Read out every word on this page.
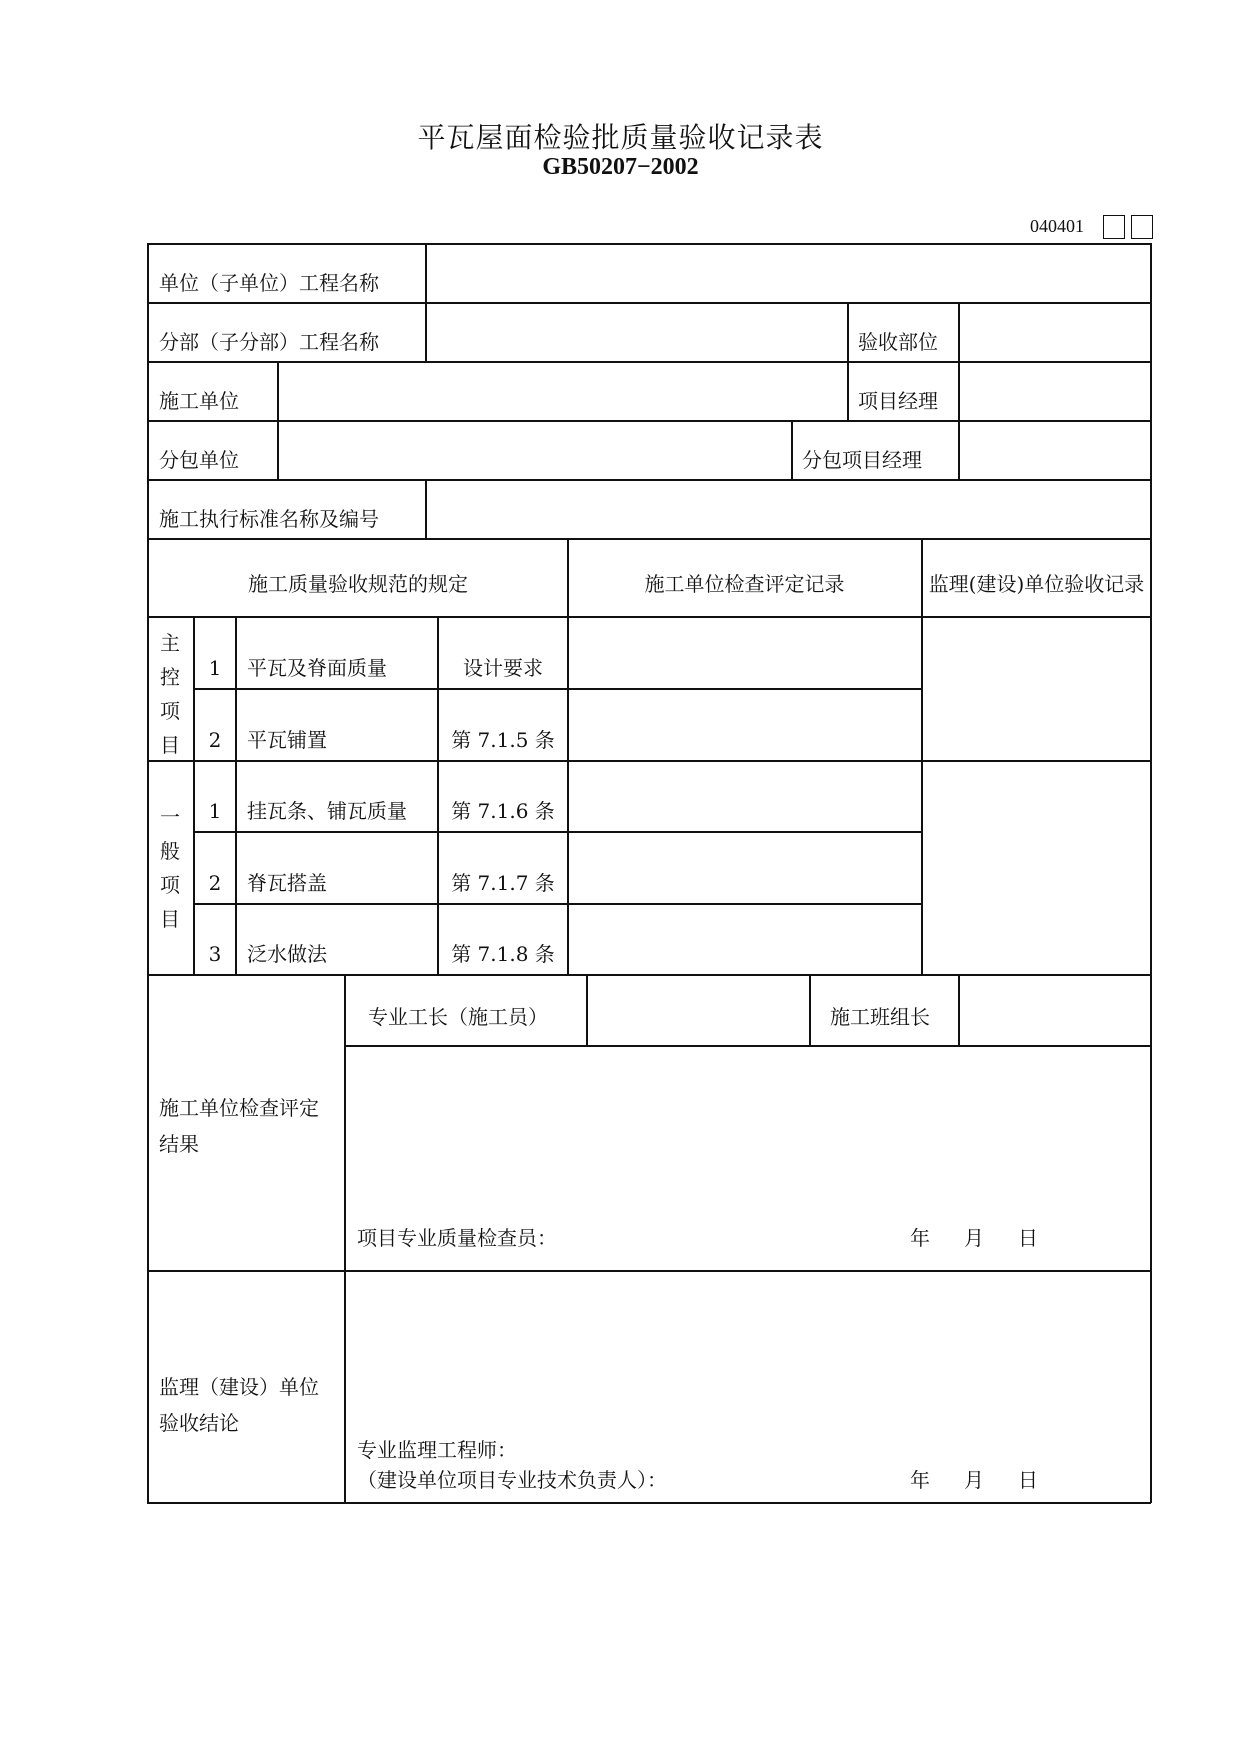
平瓦屋面检验批质量验收记录表
GB50207−2002
040401
单位（子单位）工程名称
分部（子分部）工程名称	验收部位
施工单位	项目经理
分包单位	分包项目经理
施工执行标准名称及编号
施工质量验收规范的规定	施工单位检查评定记录	监理(建设)单位验收记录
主
控
项
目
1	平瓦及脊面质量	设计要求
2	平瓦铺置	第 7.1.5 条
一
般
项
目
1	挂瓦条、铺瓦质量	第 7.1.6 条
2	脊瓦搭盖	第 7.1.7 条
3	泛水做法	第 7.1.8 条
专业工长（施工员）	施工班组长
施工单位检查评定
结果
项目专业质量检查员：	年 月 日
监理（建设）单位
验收结论
专业监理工程师：
（建设单位项目专业技术负责人）：	年 月 日
